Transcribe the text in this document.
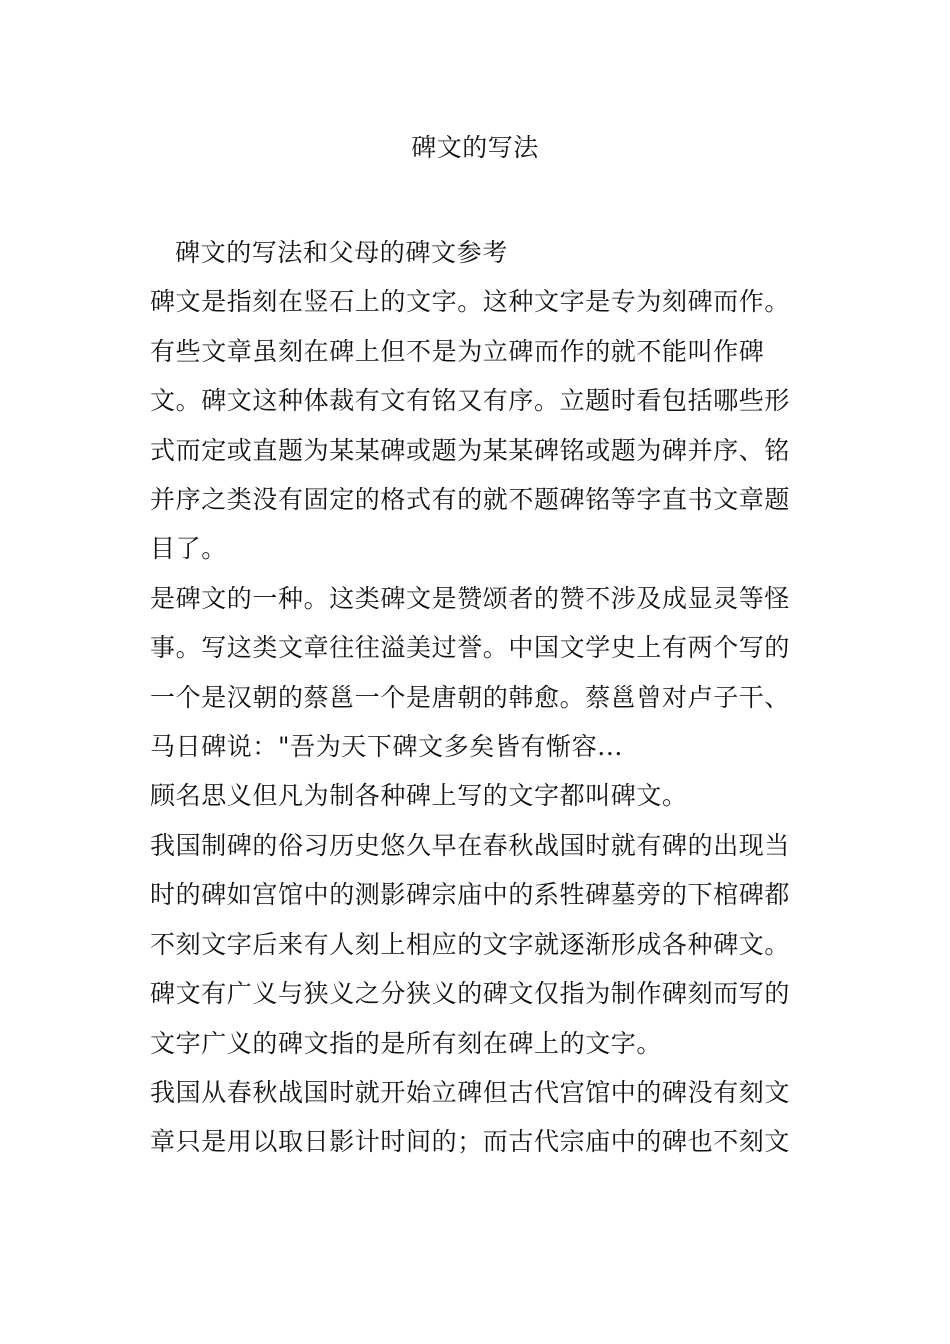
碑文的写法

碑文的写法和父母的碑文参考

碑文是指刻在竖石上的文字。这种文字是专为刻碑而作。有些文章虽刻在碑上但不是为立碑而作的就不能叫作碑文。碑文这种体裁有文有铭又有序。立题时看包括哪些形式而定或直题为某某碑或题为某某碑铭或题为碑并序、铭并序之类没有固定的格式有的就不题碑铭等字直书文章题目了。

是碑文的一种。这类碑文是赞颂者的赞不涉及成显灵等怪事。写这类文章往往溢美过誉。中国文学史上有两个写的一个是汉朝的蔡邕一个是唐朝的韩愈。蔡邕曾对卢子干、马日碑说："吾为天下碑文多矣皆有惭容...

顾名思义但凡为制各种碑上写的文字都叫碑文。

我国制碑的俗习历史悠久早在春秋战国时就有碑的出现当时的碑如宫馆中的测影碑宗庙中的系牲碑墓旁的下棺碑都不刻文字后来有人刻上相应的文字就逐渐形成各种碑文。

碑文有广义与狭义之分狭义的碑文仅指为制作碑刻而写的文字广义的碑文指的是所有刻在碑上的文字。

我国从春秋战国时就开始立碑但古代宫馆中的碑没有刻文章只是用以取日影计时间的；而古代宗庙中的碑也不刻文
